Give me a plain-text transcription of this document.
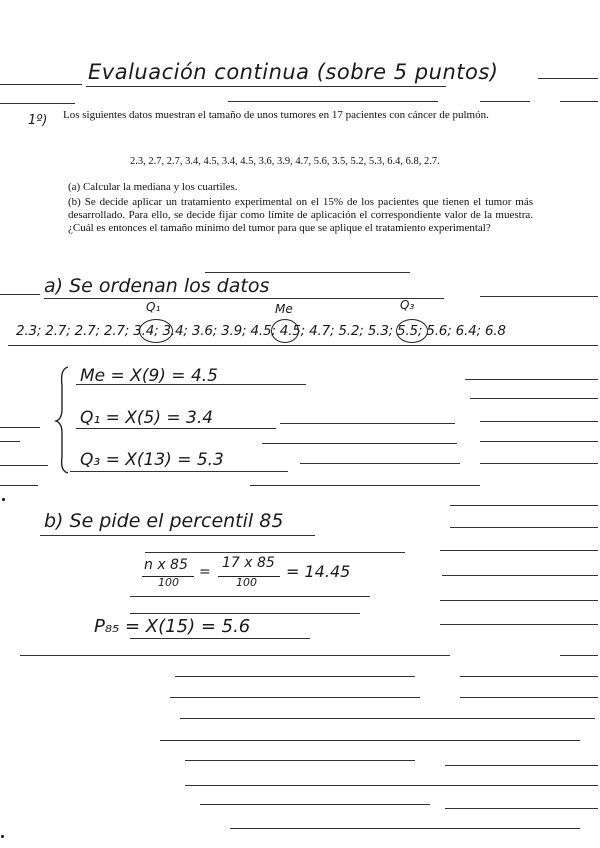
Evaluación continua (sobre 5 puntos)
1º) Los siguientes datos muestran el tamaño de unos tumores en 17 pacientes con cáncer de pulmón.
2.3, 2.7, 2.7, 3.4, 4.5, 3.4, 4.5, 3.6, 3.9, 4.7, 5.6, 3.5, 5.2, 5.3, 6.4, 6.8, 2.7.
(a) Calcular la mediana y los cuartiles.
(b) Se decide aplicar un tratamiento experimental on el 15% de los pacientes que tienen el tumor más desarrollado. Para ello, se decide fijar como límite de aplicación el correspondiente valor de la muestra. ¿Cuál es entonces el tamaño mínimo del tumor para que se aplique el tratamiento experimental?
a) Se ordenan los datos
Q₁	Me	Q₃
2.3; 2.7; 2.7; 2.7; 3.4; 3.4; 3.6; 3.9; 4.5; 4.5; 4.7; 5.2; 5.3; 5.5; 5.6; 6.4; 6.8
Me = X(9) = 4.5
Q₁ = X(5) = 3.4
Q₃ = X(13) = 5.3
b) Se pide el percentil 85
n x 85
100
=
17 x 85
100
= 14.45
P₈₅ = X(15) = 5.6
